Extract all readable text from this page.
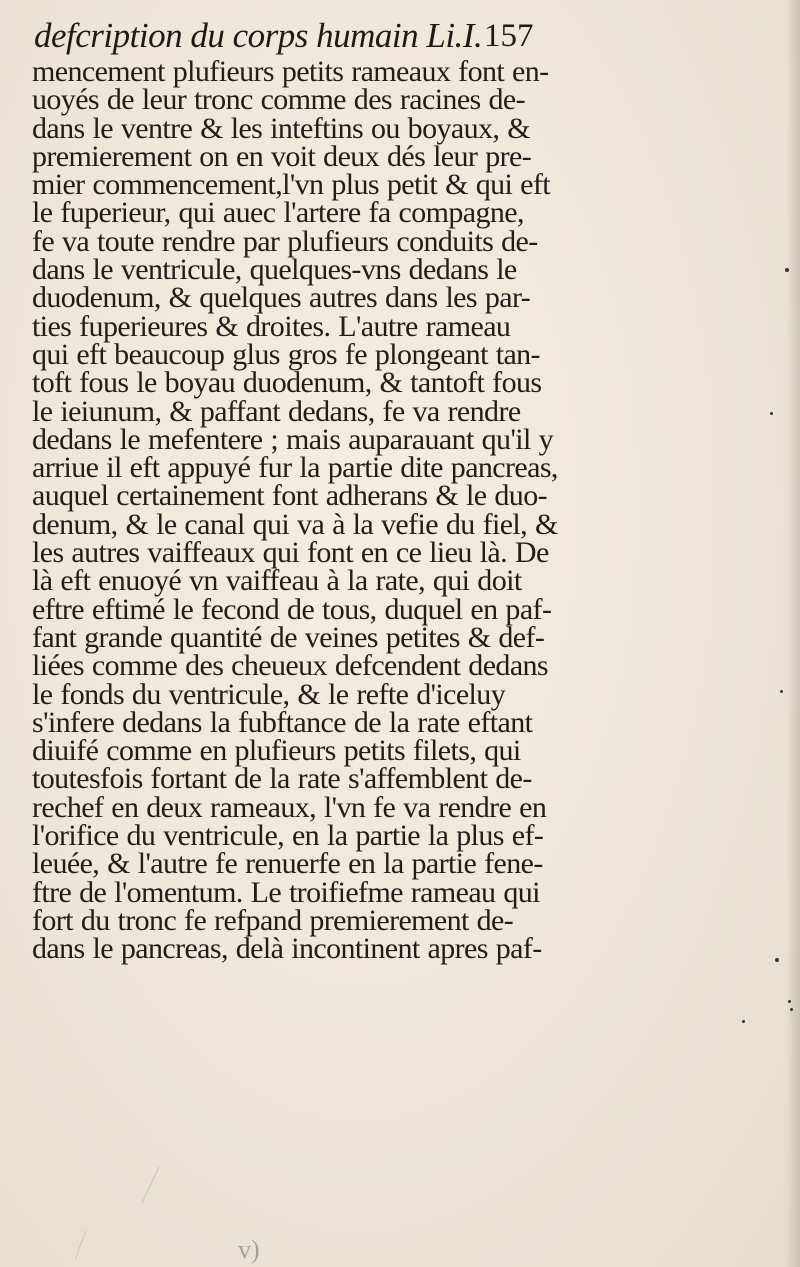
defcription du corps humain Li.I. 157
mencement plufieurs petits rameaux font en-
uoyés de leur tronc comme des racines de-
dans le ventre & les inteftins ou boyaux, &
premierement on en voit deux dés leur pre-
mier commencement,l'vn plus petit & qui eft
le fuperieur, qui auec l'artere fa compagne,
fe va toute rendre par plufieurs conduits de-
dans le ventricule, quelques-vns dedans le
duodenum, & quelques autres dans les par-
ties fuperieures & droites. L'autre rameau
qui eft beaucoup glus gros fe plongeant tan-
toft fous le boyau duodenum, & tantoft fous
le ieiunum, & paffant dedans, fe va rendre
dedans le mefentere ; mais auparauant qu'il y
arriue il eft appuyé fur la partie dite pancreas,
auquel certainement font adherans & le duo-
denum, & le canal qui va à la vefie du fiel, &
les autres vaiffeaux qui font en ce lieu là. De
là eft enuoyé vn vaiffeau à la rate, qui doit
eftre eftimé le fecond de tous, duquel en paf-
fant grande quantité de veines petites & def-
liées comme des cheueux defcendent dedans
le fonds du ventricule, & le refte d'iceluy
s'infere dedans la fubftance de la rate eftant
diuifé comme en plufieurs petits filets, qui
toutesfois fortant de la rate s'affemblent de-
rechef en deux rameaux, l'vn fe va rendre en
l'orifice du ventricule, en la partie la plus ef-
leuée, & l'autre fe renuerfe en la partie fene-
ftre de l'omentum. Le troifiefme rameau qui
fort du tronc fe refpand premierement de-
dans le pancreas, delà incontinent apres paf-
v)
